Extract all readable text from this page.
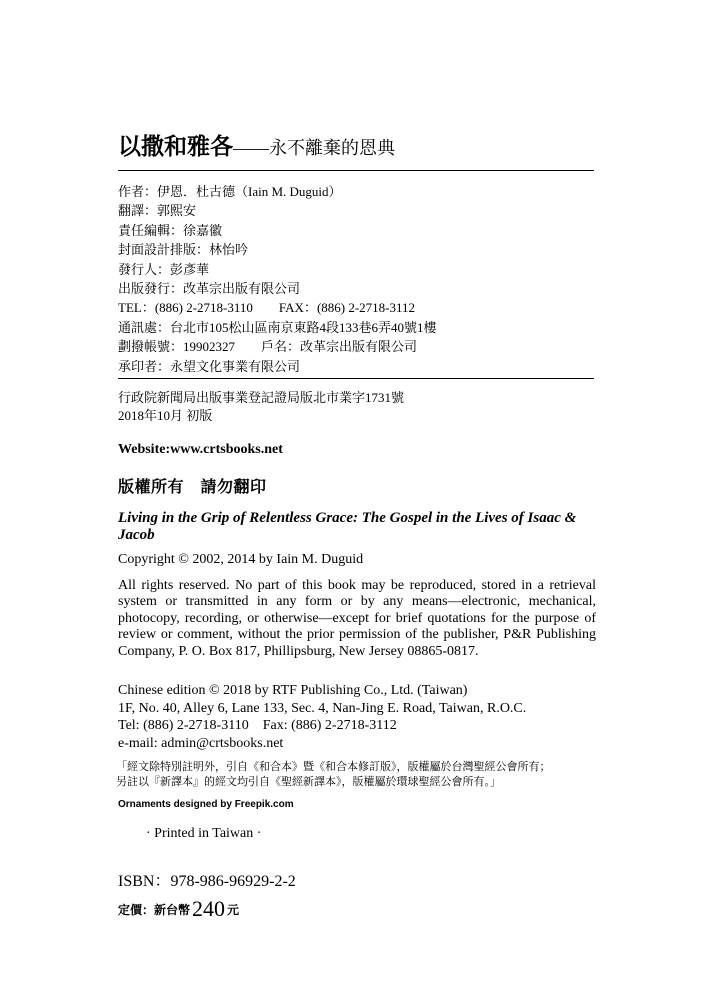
以撒和雅各——永不離棄的恩典
作者：伊恩．杜古德（Iain M. Duguid）
翻譯：郭熙安
責任編輯：徐嘉徽
封面設計排版：林怡吟
發行人：彭彥華
出版發行：改革宗出版有限公司
TEL：(886) 2-2718-3110　　FAX：(886) 2-2718-3112
通訊處：台北市105松山區南京東路4段133巷6弄40號1樓
劃撥帳號：19902327　　戶名：改革宗出版有限公司
承印者：永望文化事業有限公司
行政院新聞局出版事業登記證局版北市業字1731號
2018年10月 初版
Website:www.crtsbooks.net
版權所有　請勿翻印
Living in the Grip of Relentless Grace: The Gospel in the Lives of Isaac & Jacob
Copyright © 2002, 2014 by Iain M. Duguid
All rights reserved. No part of this book may be reproduced, stored in a retrieval system or transmitted in any form or by any means—electronic, mechanical, photocopy, recording, or otherwise—except for brief quotations for the purpose of review or comment, without the prior permission of the publisher, P&R Publishing Company, P. O. Box 817, Phillipsburg, New Jersey 08865-0817.
Chinese edition © 2018 by RTF Publishing Co., Ltd. (Taiwan)
1F, No. 40, Alley 6, Lane 133, Sec. 4, Nan-Jing E. Road, Taiwan, R.O.C.
Tel: (886) 2-2718-3110　Fax: (886) 2-2718-3112
e-mail: admin@crtsbooks.net
「經文除特別註明外，引自《和合本》暨《和合本修訂版》，版權屬於台灣聖經公會所有；
另註以『新譯本』的經文均引自《聖經新譯本》，版權屬於環球聖經公會所有。」
Ornaments designed by Freepik.com
· Printed in Taiwan ·
ISBN：978-986-96929-2-2
定價：新台幣240 元
